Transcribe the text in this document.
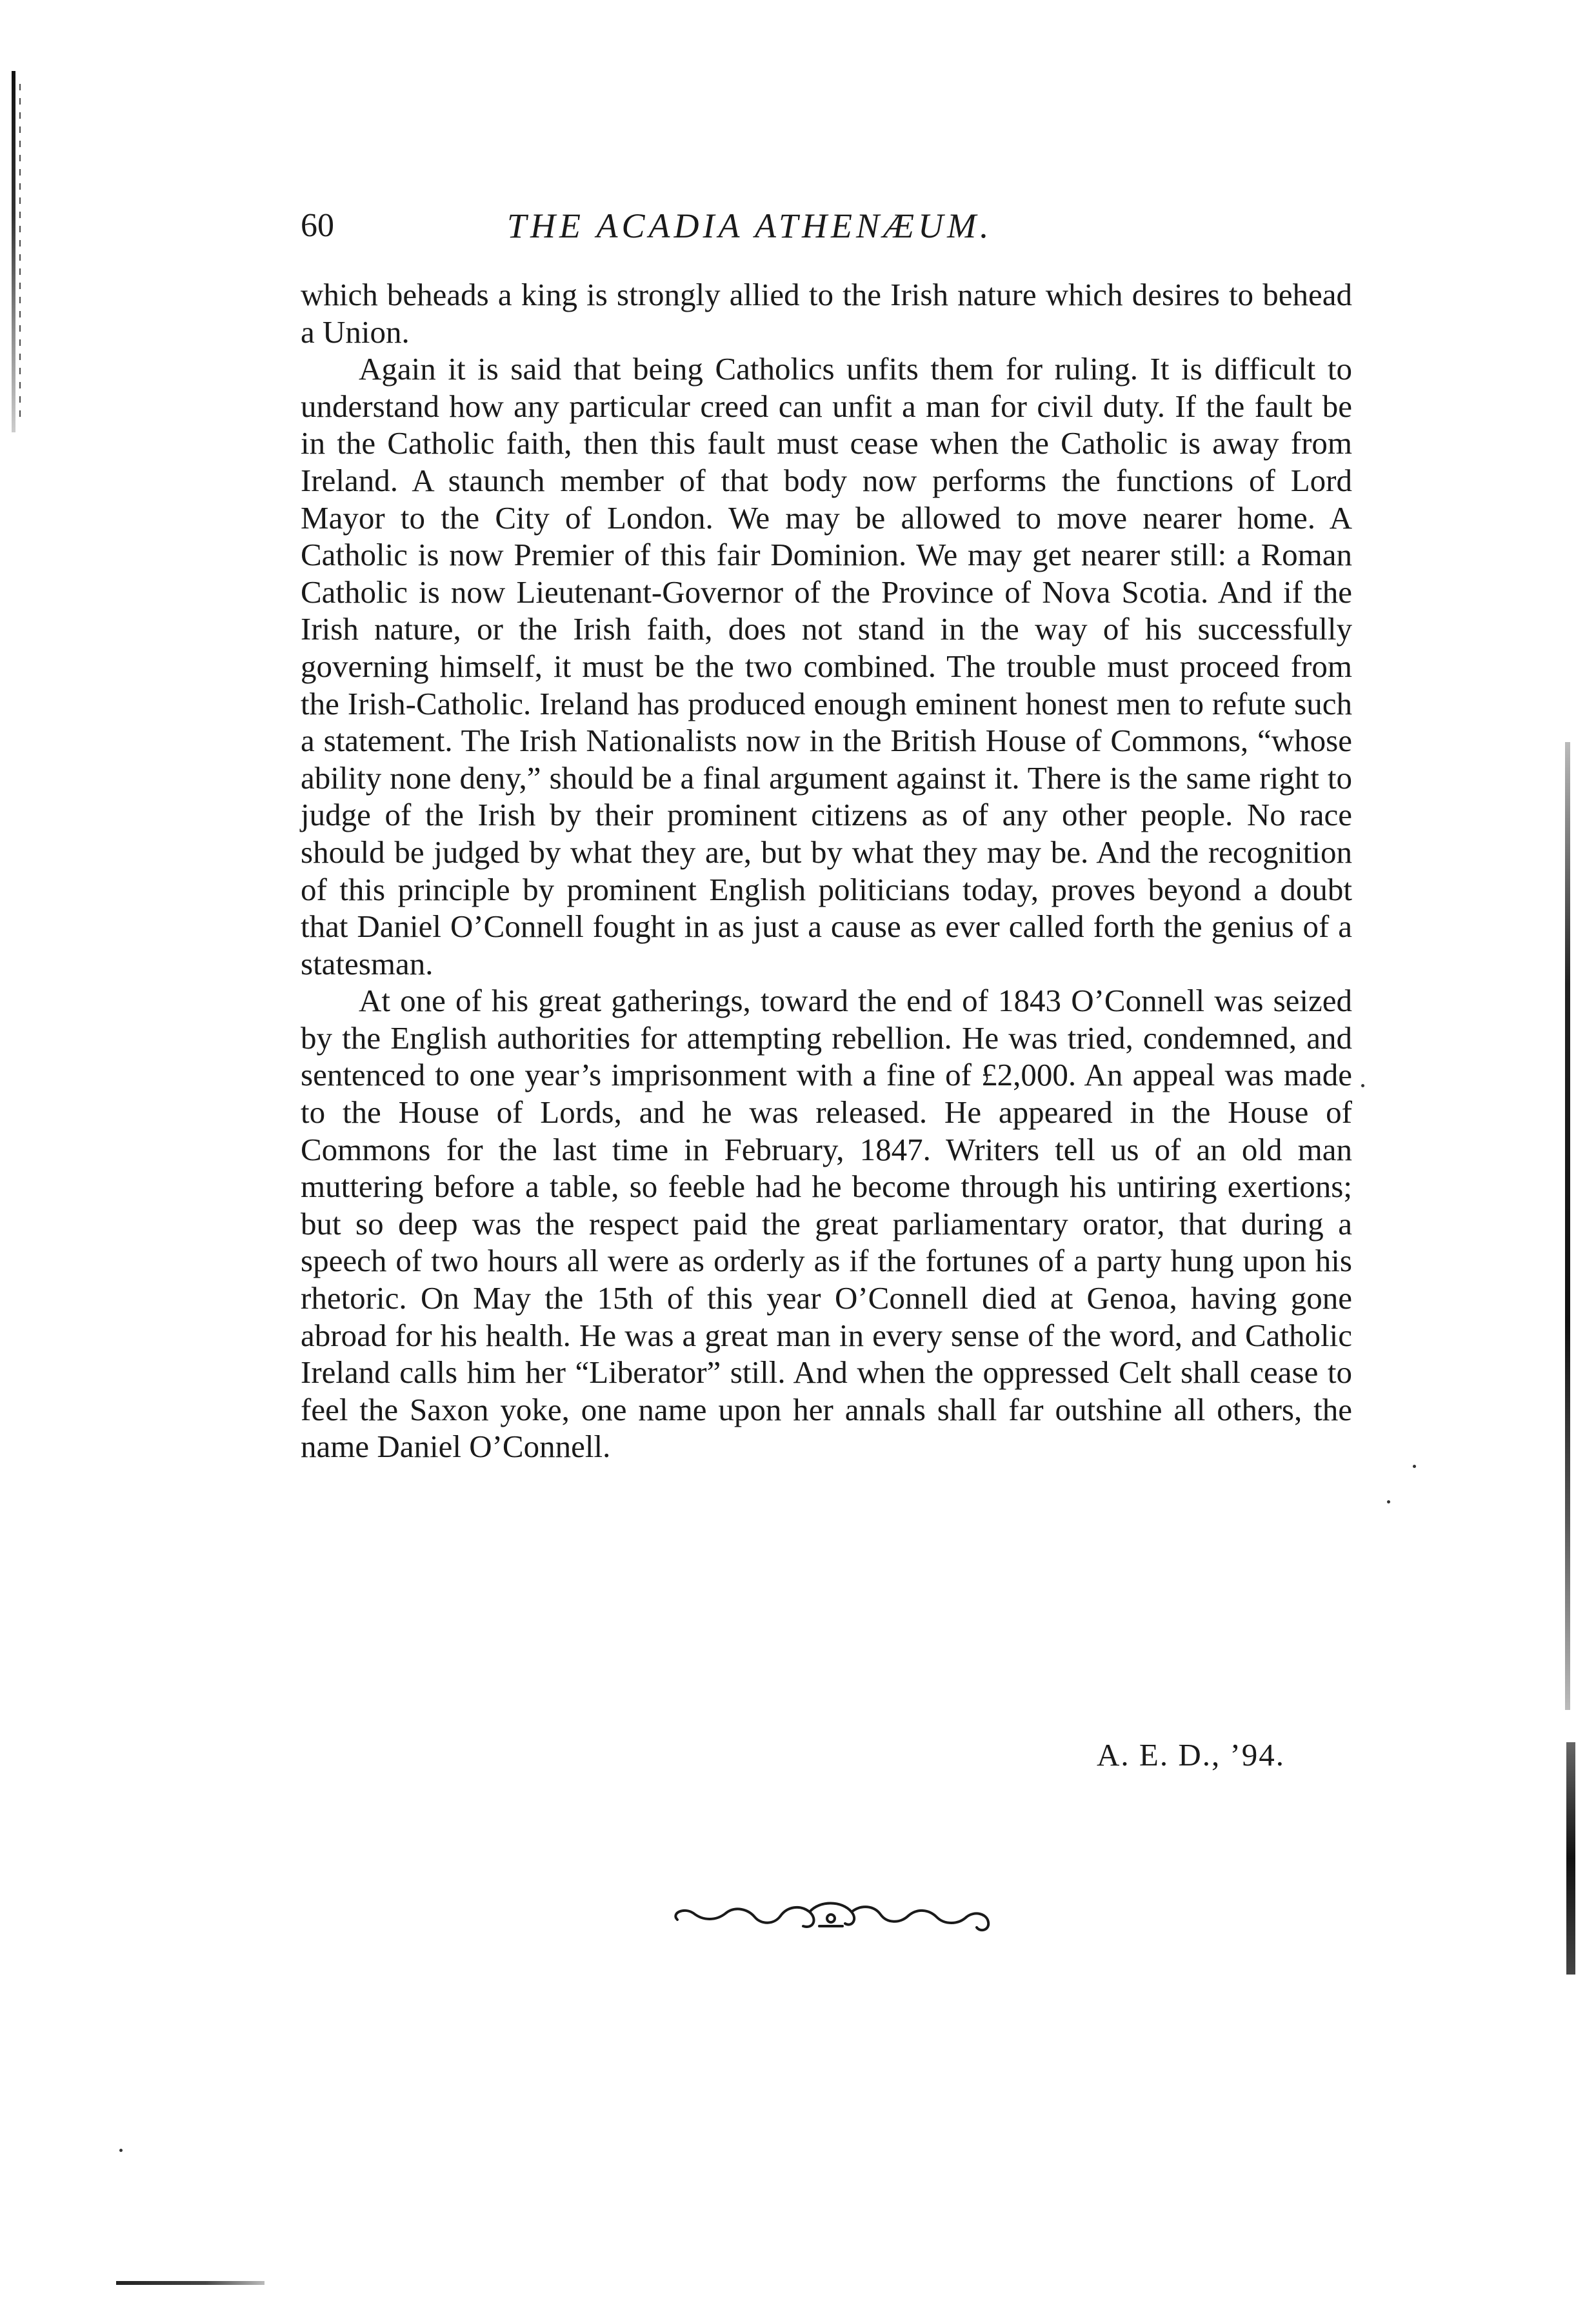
60	THE ACADIA ATHENÆUM.

which beheads a king is strongly allied to the Irish nature which desires to behead a Union.

Again it is said that being Catholics unfits them for ruling. It is difficult to understand how any particular creed can unfit a man for civil duty. If the fault be in the Catholic faith, then this fault must cease when the Catholic is away from Ireland. A staunch member of that body now performs the functions of Lord Mayor to the City of London. We may be allowed to move nearer home. A Catholic is now Premier of this fair Dominion. We may get nearer still: a Roman Catholic is now Lieutenant-Governor of the Province of Nova Scotia. And if the Irish nature, or the Irish faith, does not stand in the way of his successfully governing himself, it must be the two combined. The trouble must proceed from the Irish-Catholic. Ireland has produced enough eminent honest men to refute such a statement. The Irish Nationalists now in the British House of Commons, “whose ability none deny,” should be a final argument against it. There is the same right to judge of the Irish by their prominent citizens as of any other people. No race should be judged by what they are, but by what they may be. And the recognition of this principle by prominent English politicians today, proves beyond a doubt that Daniel O’Connell fought in as just a cause as ever called forth the genius of a statesman.

At one of his great gatherings, toward the end of 1843 O’Connell was seized by the English authorities for attempting rebellion. He was tried, condemned, and sentenced to one year’s imprisonment with a fine of £2,000. An appeal was made to the House of Lords, and he was released. He appeared in the House of Commons for the last time in February, 1847. Writers tell us of an old man muttering before a table, so feeble had he become through his untiring exertions; but so deep was the respect paid the great parliamentary orator, that during a speech of two hours all were as orderly as if the fortunes of a party hung upon his rhetoric. On May the 15th of this year O’Connell died at Genoa, having gone abroad for his health. He was a great man in every sense of the word, and Catholic Ireland calls him her “Liberator” still. And when the oppressed Celt shall cease to feel the Saxon yoke, one name upon her annals shall far outshine all others, the name Daniel O’Connell.

A. E. D., ’94.
